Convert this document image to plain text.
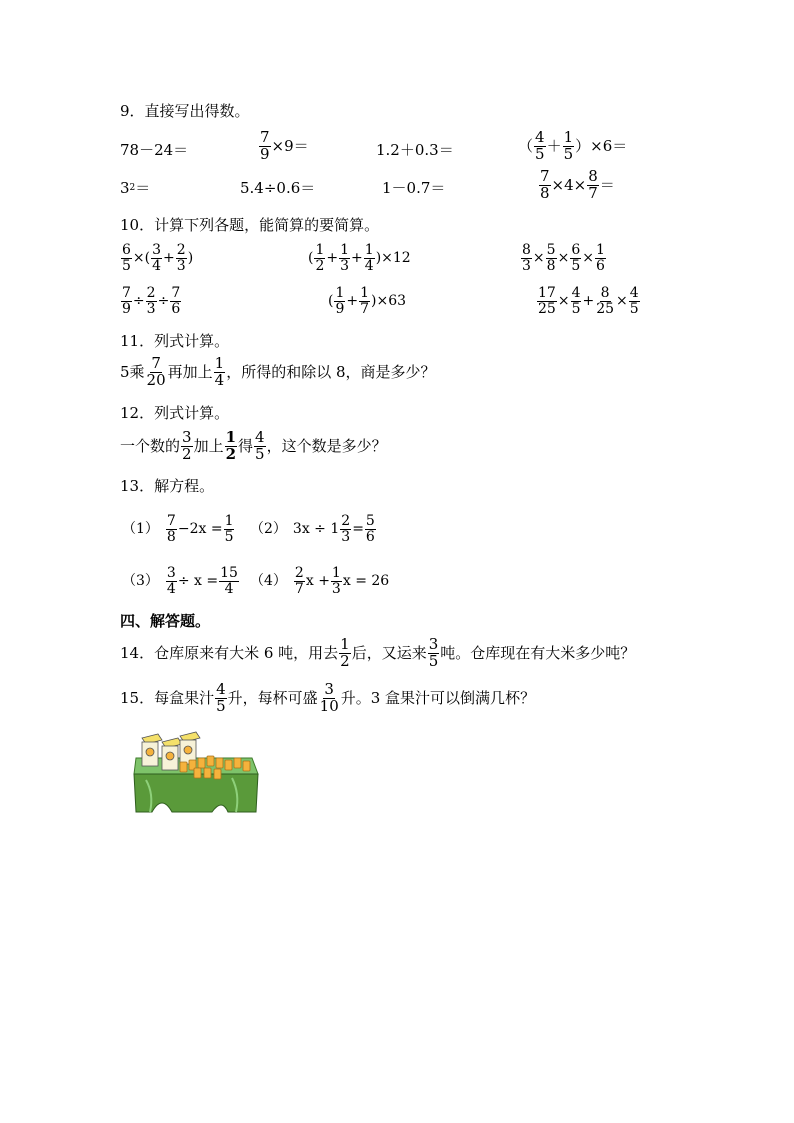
9．直接写出得数。
78－24＝	$\frac{7}{9} \times 9=$	1.2＋0.3＝	（ $\frac{4}{5} + \frac{1}{5} )\times 6=$
3 2 ＝	5.4÷0.6＝	1－0.7＝	$\frac{7}{8} \times 4\times \frac{8}{7}$ ＝
10．计算下列各题，能简算的要简算。
$\frac{6}{5}$ ×( $\frac{3}{4} + \frac{2}{3}$ )	( $\frac{1}{2} + \frac{1}{3} + \frac{1}{4} )\times 12$	$\frac{8}{3} \times \frac{5}{8} \times \frac{6}{5} \times \frac{1}{6}$
$\frac{7}{9} \div \frac{2}{3} \div \frac{7}{6}$	( $\frac{1}{9} + \frac{1}{7} )\times 63$	$\frac{17}{25} \times \frac{4}{5} + \frac{8}{25} \times \frac{4}{5}$
11．列式计算。
5乘 $\frac{7}{20}$ 再加上 $\frac{1}{4}$ ，所得的和除以 8，商是多少？
12．列式计算。
一个数的 $\frac{3}{2}$ 加上 $\frac{1}{2}$ 得 $\frac{4}{5}$ ，这个数是多少？
13．解方程。
$(1) \frac{7}{8} -2x = \frac{1}{5} (2) 3x \div 1 \frac{2}{3} = \frac{5}{6}$
$(3) \frac{3}{4} \div x = \frac{15}{4} (4) \frac{2}{7}$ $x + \frac{1}{3}$ x = 26
四、解答题。
14．仓库原来有大米 6 吨，用去 $\frac{1}{2}$ 后，又运来 $\frac{3}{5}$ 吨。仓库现在有大米多少吨？
15．每盒果汁 $\frac{4}{5}$ 升，每杯可盛 $\frac{3}{10}$ 升。3 盒果汁可以倒满几杯？
